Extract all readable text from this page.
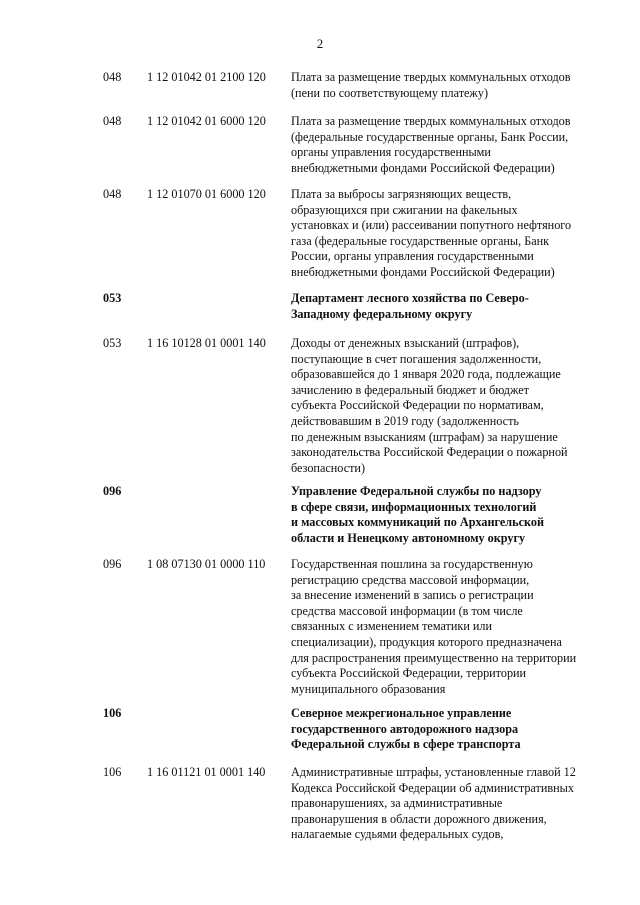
2
048 1 12 01042 01 2100 120 Плата за размещение твердых коммунальных отходов
(пени по соответствующему платежу)
048 1 12 01042 01 6000 120 Плата за размещение твердых коммунальных отходов
(федеральные государственные органы, Банк России,
органы управления государственными
внебюджетными фондами Российской Федерации)
048 1 12 01070 01 6000 120 Плата за выбросы загрязняющих веществ,
образующихся при сжигании на факельных
установках и (или) рассеивании попутного нефтяного
газа (федеральные государственные органы, Банк
России, органы управления государственными
внебюджетными фондами Российской Федерации)
053	Департамент лесного хозяйства по Северо-
Западному федеральному округу
053 1 16 10128 01 0001 140 Доходы от денежных взысканий (штрафов),
поступающие в счет погашения задолженности,
образовавшейся до 1 января 2020 года, подлежащие
зачислению в федеральный бюджет и бюджет
субъекта Российской Федерации по нормативам,
действовавшим в 2019 году (задолженность
по денежным взысканиям (штрафам) за нарушение
законодательства Российской Федерации о пожарной
безопасности)
096	Управление Федеральной службы по надзору
в сфере связи, информационных технологий
и массовых коммуникаций по Архангельской
области и Ненецкому автономному округу
096 1 08 07130 01 0000 110 Государственная пошлина за государственную
регистрацию средства массовой информации,
за внесение изменений в запись о регистрации
средства массовой информации (в том числе
связанных с изменением тематики или
специализации), продукция которого предназначена
для распространения преимущественно на территории
субъекта Российской Федерации, территории
муниципального образования
106	Северное межрегиональное управление
государственного автодорожного надзора
Федеральной службы в сфере транспорта
106 1 16 01121 01 0001 140 Административные штрафы, установленные главой 12
Кодекса Российской Федерации об административных
правонарушениях, за административные
правонарушения в области дорожного движения,
налагаемые судьями федеральных судов,
